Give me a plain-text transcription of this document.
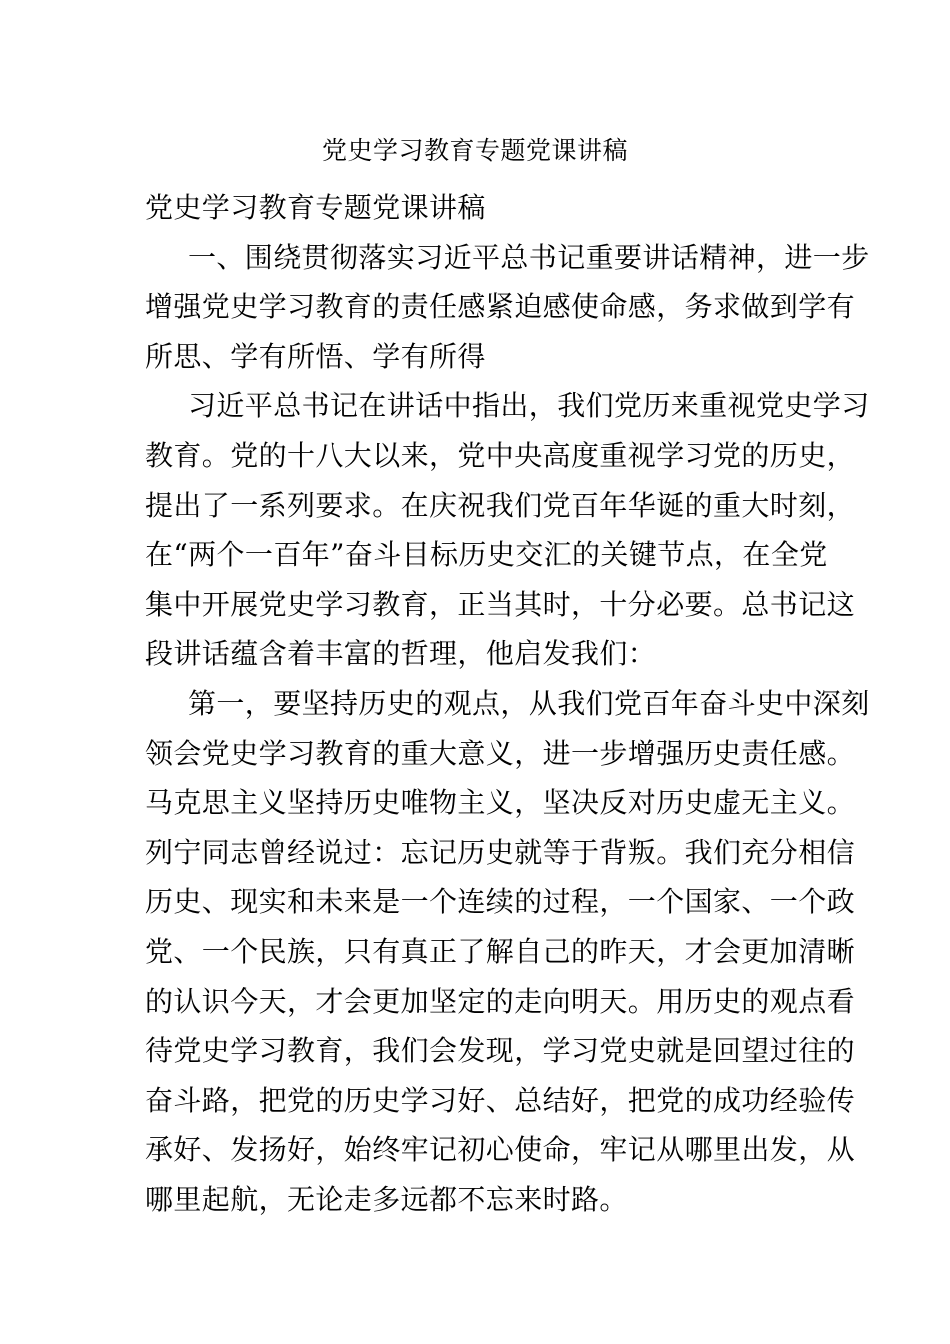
党史学习教育专题党课讲稿
党史学习教育专题党课讲稿
一、围绕贯彻落实习近平总书记重要讲话精神，进一步
增强党史学习教育的责任感紧迫感使命感，务求做到学有
所思、学有所悟、学有所得
习近平总书记在讲话中指出，我们党历来重视党史学习
教育。党的十八大以来，党中央高度重视学习党的历史，
提出了一系列要求。在庆祝我们党百年华诞的重大时刻，
在“两个一百年”奋斗目标历史交汇的关键节点，在全党
集中开展党史学习教育，正当其时，十分必要。总书记这
段讲话蕴含着丰富的哲理，他启发我们：
第一，要坚持历史的观点，从我们党百年奋斗史中深刻
领会党史学习教育的重大意义，进一步增强历史责任感。
马克思主义坚持历史唯物主义，坚决反对历史虚无主义。
列宁同志曾经说过：忘记历史就等于背叛。我们充分相信
历史、现实和未来是一个连续的过程，一个国家、一个政
党、一个民族，只有真正了解自己的昨天，才会更加清晰
的认识今天，才会更加坚定的走向明天。用历史的观点看
待党史学习教育，我们会发现，学习党史就是回望过往的
奋斗路，把党的历史学习好、总结好，把党的成功经验传
承好、发扬好，始终牢记初心使命，牢记从哪里出发，从
哪里起航，无论走多远都不忘来时路。
